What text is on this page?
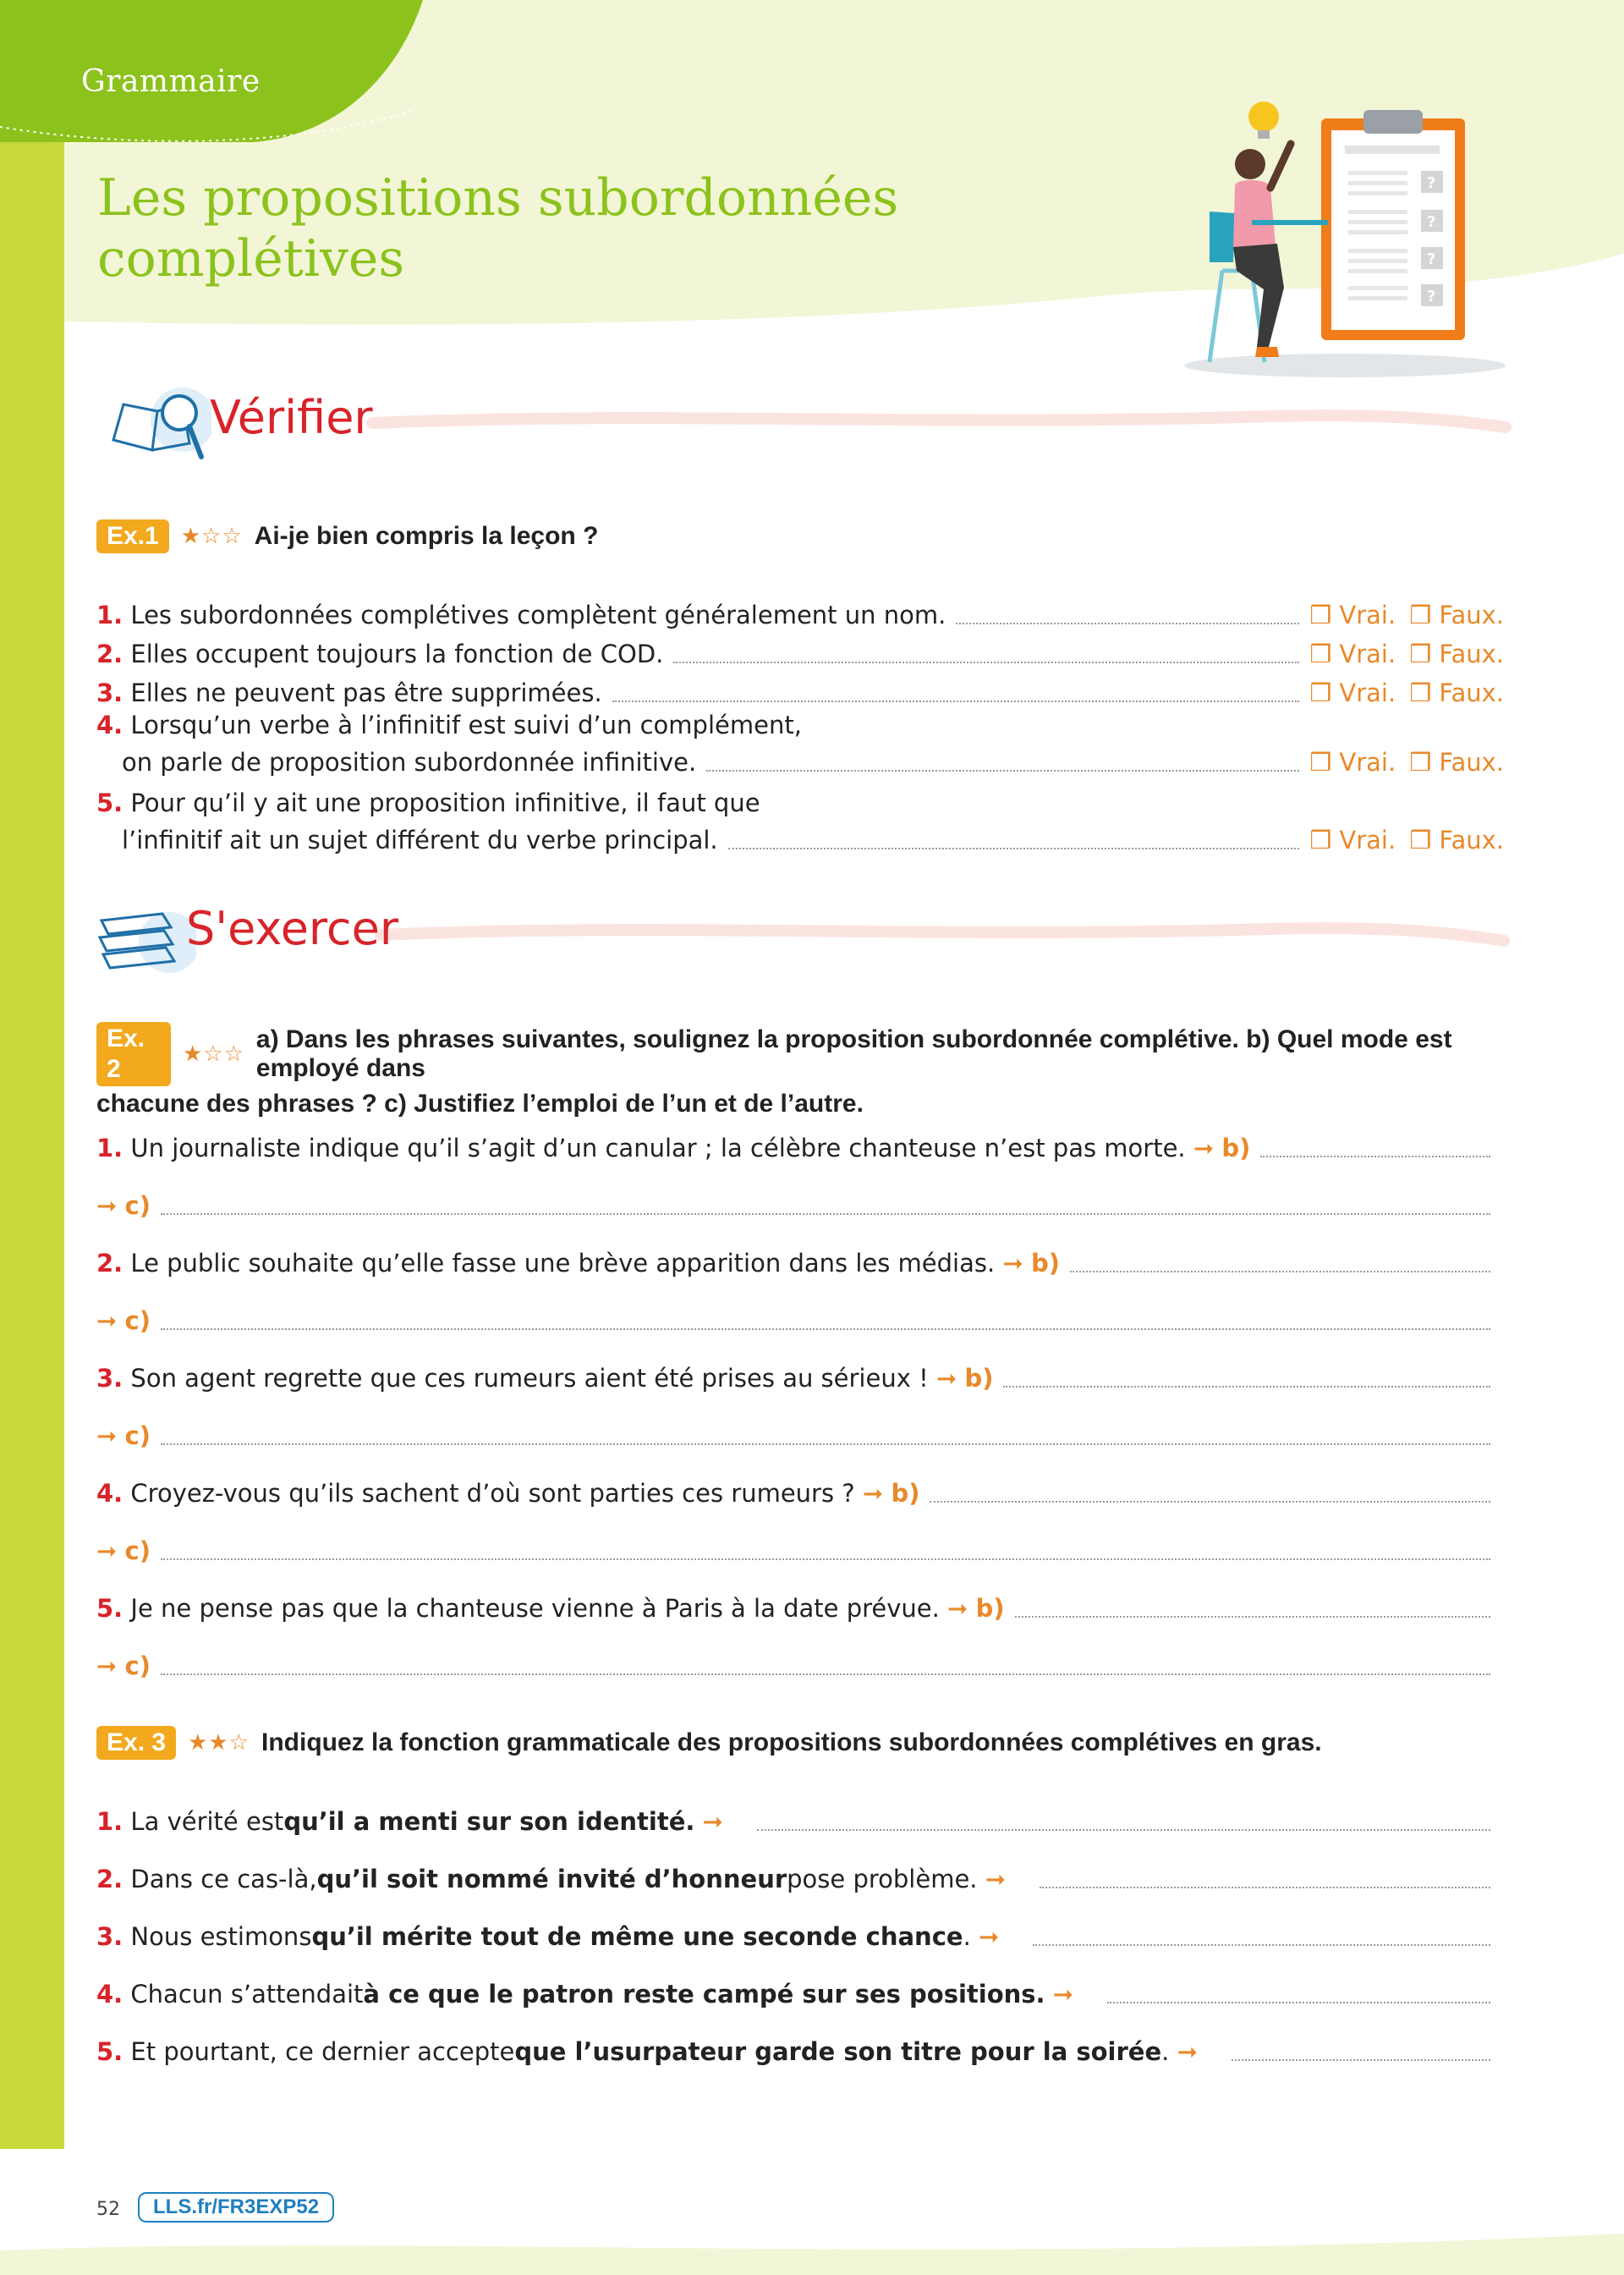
Grammaire
Les propositions subordonnées
complétives
?
?
?
?
Vérifier
Ex.1	★☆☆ Ai-je bien compris la leçon ?
1.
Les subordonnées complétives complètent généralement un nom.	❒ Vrai. ❒ Faux.
2.
Elles occupent toujours la fonction de COD.	❒ Vrai. ❒ Faux.
3.
Elles ne peuvent pas être supprimées.	❒ Vrai. ❒ Faux.
4. Lorsqu’un verbe à l’infinitif est suivi d’un complément,
on parle de proposition subordonnée infinitive.	❒ Vrai. ❒ Faux.
5. Pour qu’il y ait une proposition infinitive, il faut que
l’infinitif ait un sujet différent du verbe principal.	❒ Vrai. ❒ Faux.
S'exercer
Ex. 2
★☆☆
a) Dans les phrases suivantes, soulignez la proposition subordonnée complétive. b) Quel mode est employé dans
chacune des phrases ? c) Justifiez l’emploi de l’un et de l’autre.
1.
Un journaliste indique qu’il s’agit d’un canular ; la célèbre chanteuse n’est pas morte.
➞
b)
➞
c)
2.
Le public souhaite qu’elle fasse une brève apparition dans les médias.
➞
b)
➞
c)
3.
Son agent regrette que ces rumeurs aient été prises au sérieux !
➞
b)
➞
c)
4.
Croyez-vous qu’ils sachent d’où sont parties ces rumeurs ?
➞
b)
➞
c)
5.
Je ne pense pas que la chanteuse vienne à Paris à la date prévue.
➞
b)
➞
c)
Ex. 3	★★☆ Indiquez la fonction grammaticale des propositions subordonnées complétives en gras.
1.
La vérité est qu’il a menti sur son identité.
➞
2.
Dans ce cas-là, qu’il soit nommé invité d’honneur pose problème.
➞
3.
Nous estimons qu’il mérite tout de même une seconde chance .
➞
4.
Chacun s’attendait à ce que le patron reste campé sur ses positions.
➞
5.
Et pourtant, ce dernier accepte que l’usurpateur garde son titre pour la soirée .
➞
52	LLS.fr/FR3EXP52
